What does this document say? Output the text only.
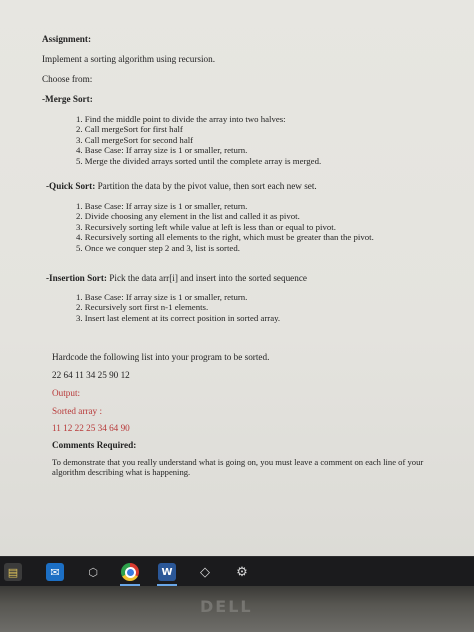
Assignment:
Implement a sorting algorithm using recursion.
Choose from:
-Merge Sort:
1. Find the middle point to divide the array into two halves:
2. Call mergeSort for first half
3. Call mergeSort for second half
4. Base Case: If array size is 1 or smaller, return.
5. Merge the divided arrays sorted until the complete array is merged.
-Quick Sort: Partition the data by the pivot value, then sort each new set.
1. Base Case: If array size is 1 or smaller, return.
2. Divide choosing any element in the list and called it as pivot.
3. Recursively sorting left while value at left is less than or equal to pivot.
4. Recursively sorting all elements to the right, which must be greater than the pivot.
5. Once we conquer step 2 and 3, list is sorted.
-Insertion Sort: Pick the data arr[i] and insert into the sorted sequence
1. Base Case: If array size is 1 or smaller, return.
2. Recursively sort first n-1 elements.
3. Insert last element at its correct position in sorted array.
Hardcode the following list into your program to be sorted.
22 64 11 34 25 90 12
Output:
Sorted array :
11 12 22 25 34 64 90
Comments Required:
To demonstrate that you really understand what is going on, you must leave a comment on each line of your algorithm describing what is happening.
▤	✉	⬡	W	◇	⚙
DELL
